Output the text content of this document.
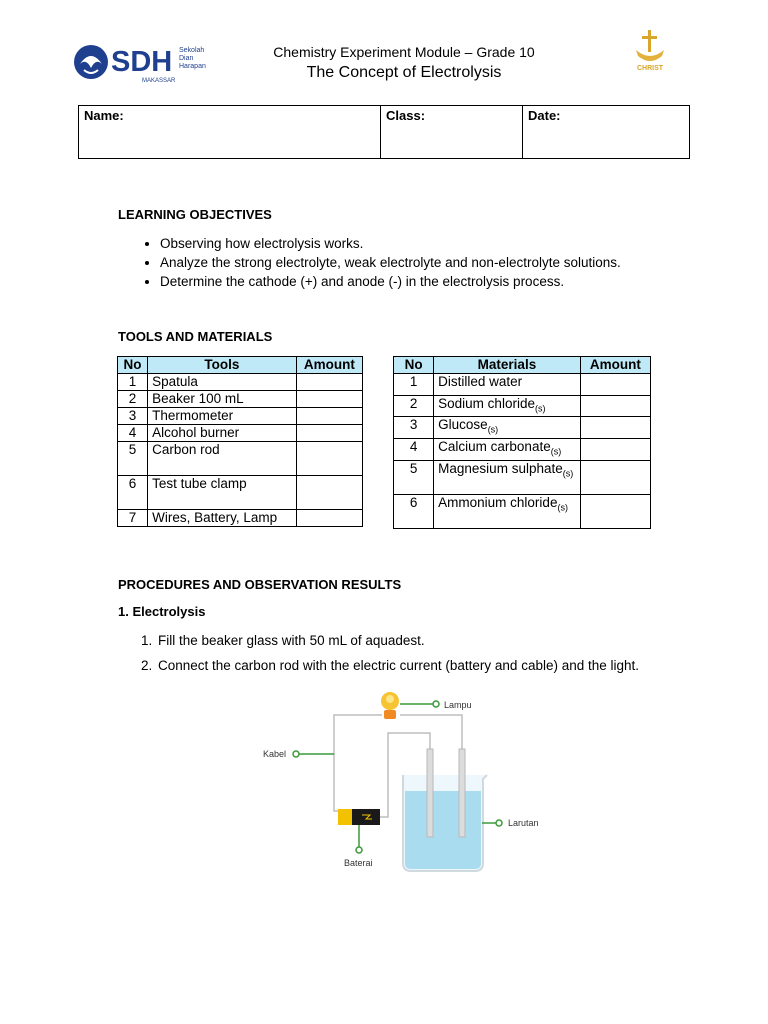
SDH Sekolah
Dian
Harapan
MAKASSAR
Chemistry Experiment Module – Grade 10
The Concept of Electrolysis	CHRIST
Name:	Class:	Date:
LEARNING OBJECTIVES
• Observing how electrolysis works.
• Analyze the strong electrolyte, weak electrolyte and non-electrolyte solutions.
• Determine the cathode (+) and anode (-) in the electrolysis process.
TOOLS AND MATERIALS
No	Tools	Amount
1	Spatula	
2	Beaker 100 mL	
3	Thermometer	
4	Alcohol burner	
5	Carbon rod	
6	Test tube clamp	
7	Wires, Battery, Lamp	
No	Materials	Amount
1	Distilled water	
2	Sodium chloride$_{(s)}$	
3	Glucose$_{(s)}$	
4	Calcium carbonate$_{(s)}$	
5	Magnesium sulphate$_{(s)}$	
6	Ammonium chloride$_{(s)}$	
PROCEDURES AND OBSERVATION RESULTS
1. Electrolysis
1. Fill the beaker glass with 50 mL of aquadest.
2. Connect the carbon rod with the electric current (battery and cable) and the light.
Lampu
Kabel
Larutan
Baterai
